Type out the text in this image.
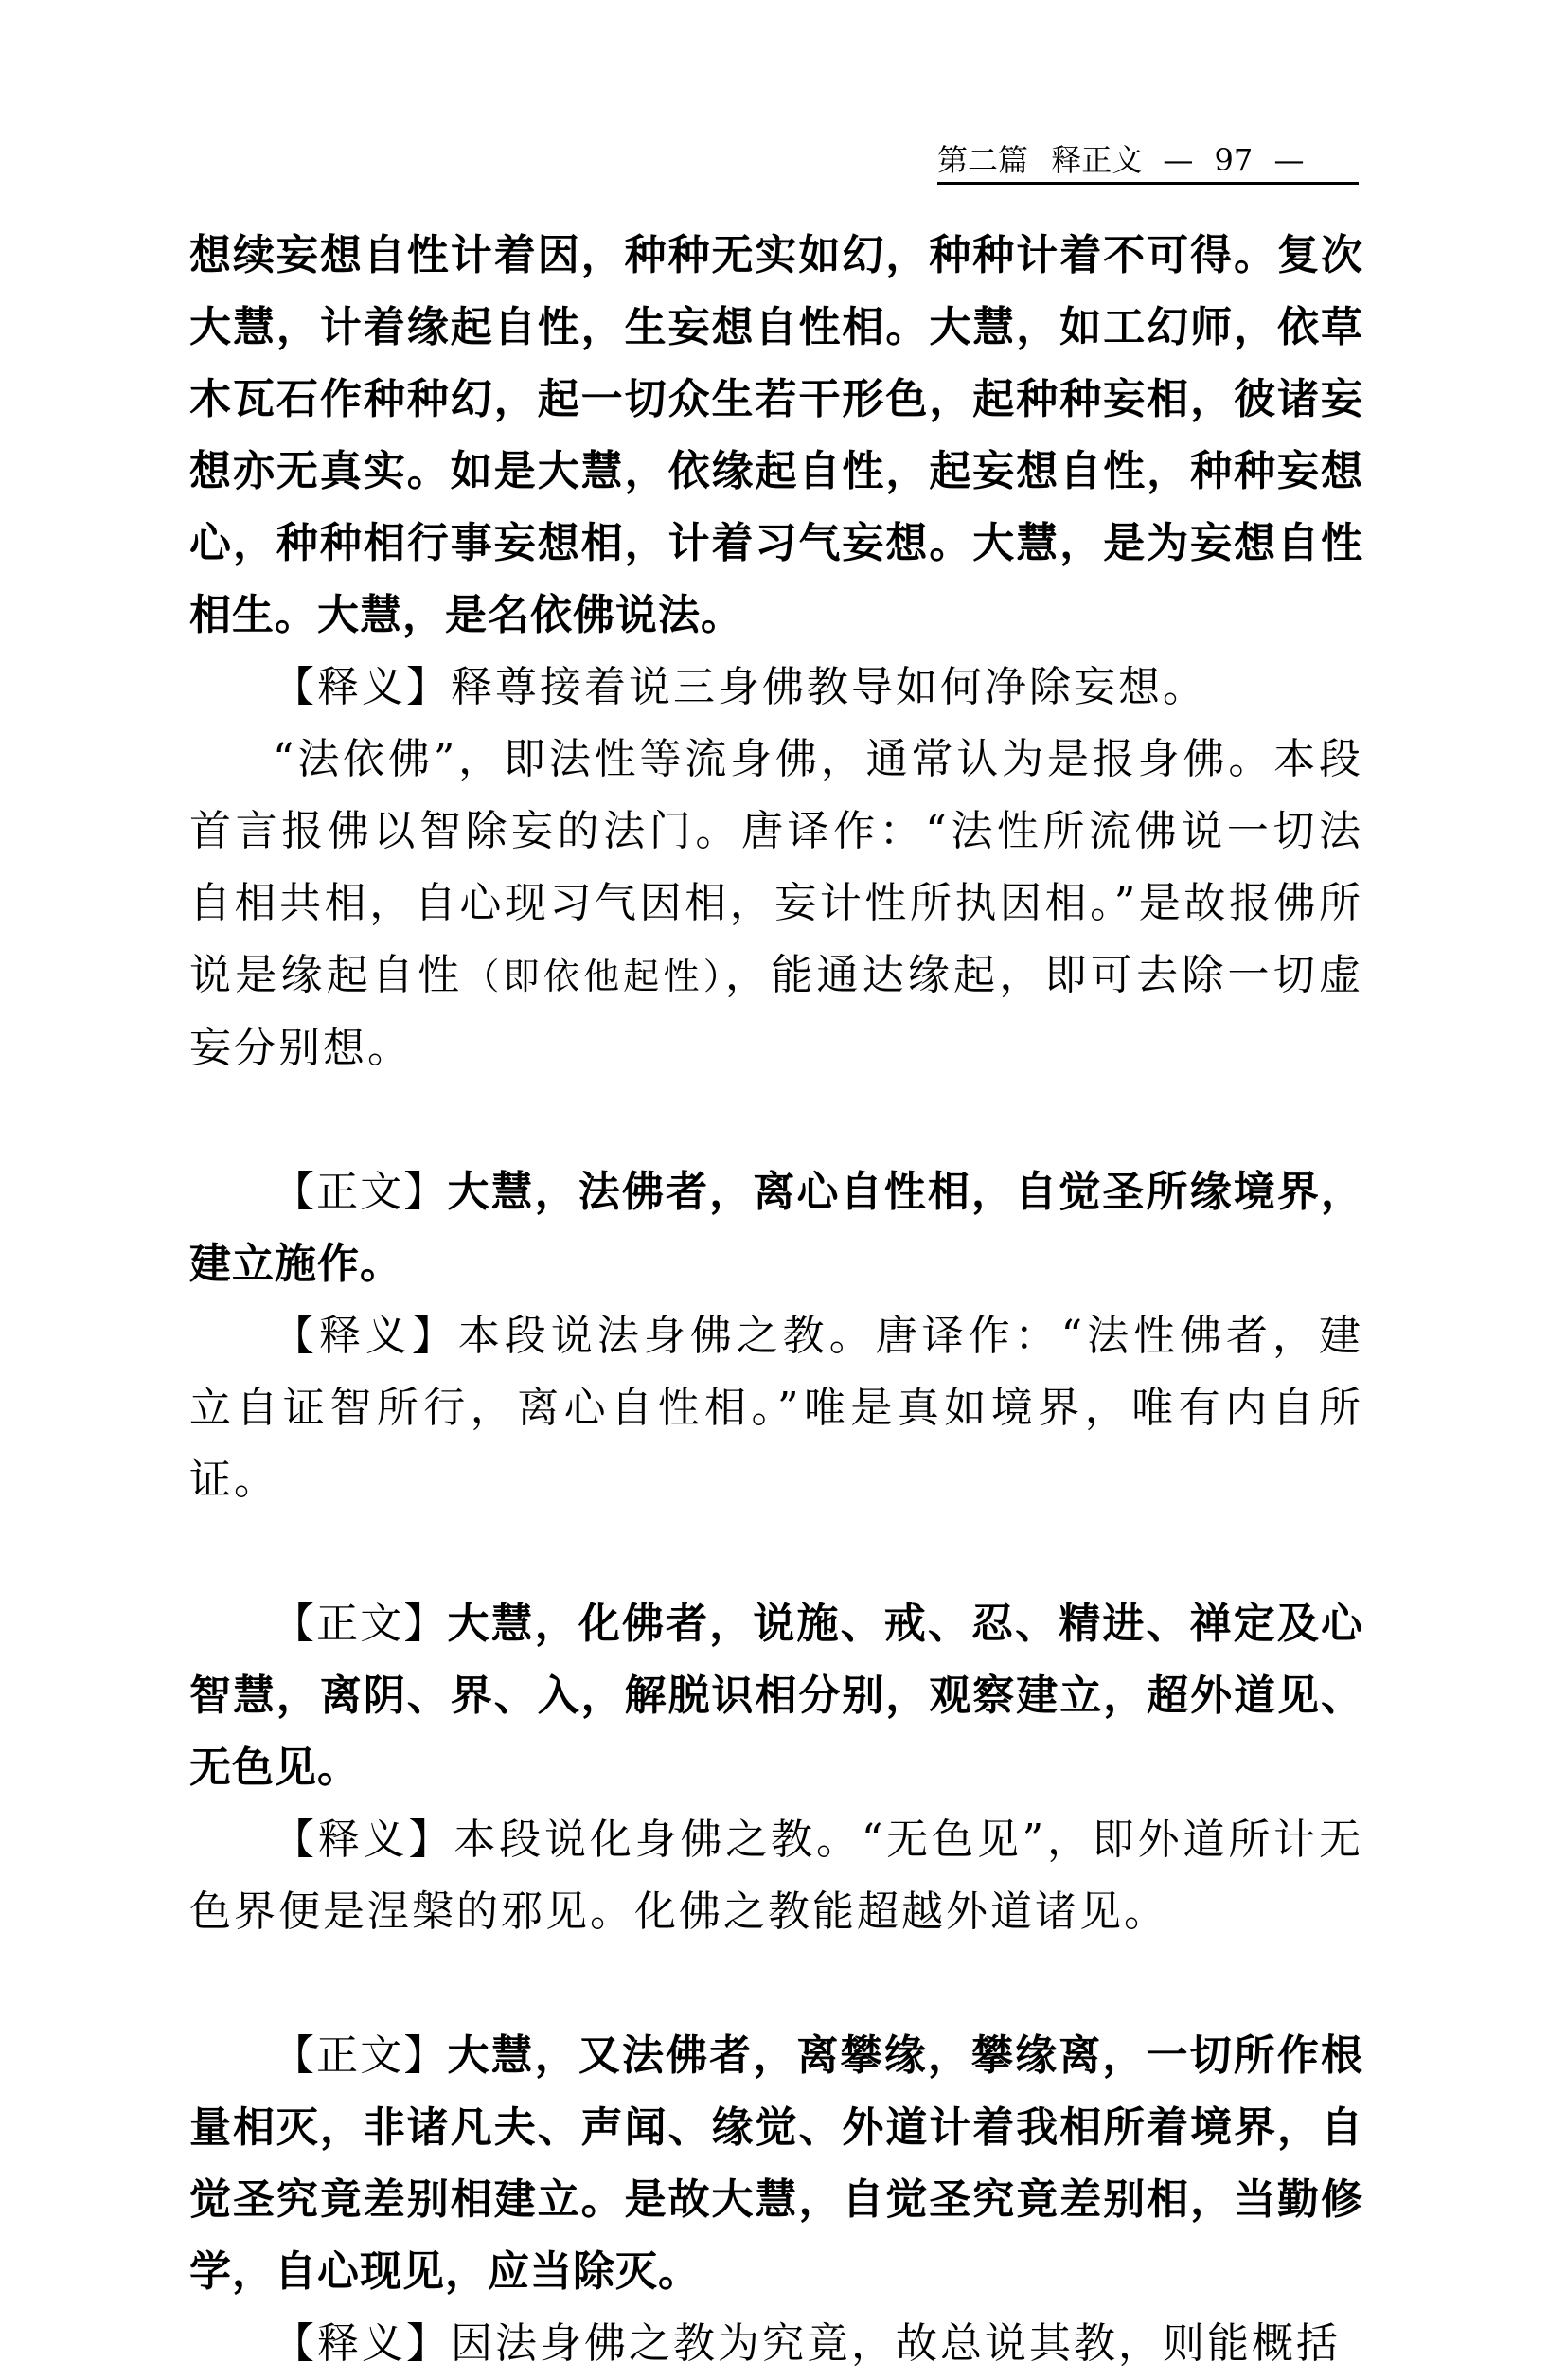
第二篇 释正文 — 97 —

想续妄想自性计着因，种种无实如幻，种种计着不可得。复次大慧，计着缘起自性，生妄想自性相。大慧，如工幻师，依草木瓦石作种种幻，起一切众生若干形色，起种种妄相，彼诸妄想亦无真实。如是大慧，依缘起自性，起妄想自性，种种妄想心，种种相行事妄想相，计着习气妄想。大慧，是为妄想自性相生。大慧，是名依佛说法。

【释义】释尊接着说三身佛教导如何净除妄想。

“法依佛”，即法性等流身佛，通常认为是报身佛。本段首言报佛以智除妄的法门。唐译作：“法性所流佛说一切法自相共相，自心现习气因相，妄计性所执因相。”是故报佛所说是缘起自性（即依他起性），能通达缘起，即可去除一切虚妄分别想。

【正文】大慧，法佛者，离心自性相，自觉圣所缘境界，建立施作。

【释义】本段说法身佛之教。唐译作：“法性佛者，建立自证智所行，离心自性相。”唯是真如境界，唯有内自所证。

【正文】大慧，化佛者，说施、戒、忍、精进、禅定及心智慧，离阴、界、入，解脱识相分别，观察建立，超外道见、无色见。

【释义】本段说化身佛之教。“无色见”，即外道所计无色界便是涅槃的邪见。化佛之教能超越外道诸见。

【正文】大慧，又法佛者，离攀缘，攀缘离，一切所作根量相灭，非诸凡夫、声闻、缘觉、外道计着我相所着境界，自觉圣究竟差别相建立。是故大慧，自觉圣究竟差别相，当勤修学，自心现见，应当除灭。

【释义】因法身佛之教为究竟，故总说其教，则能概括
